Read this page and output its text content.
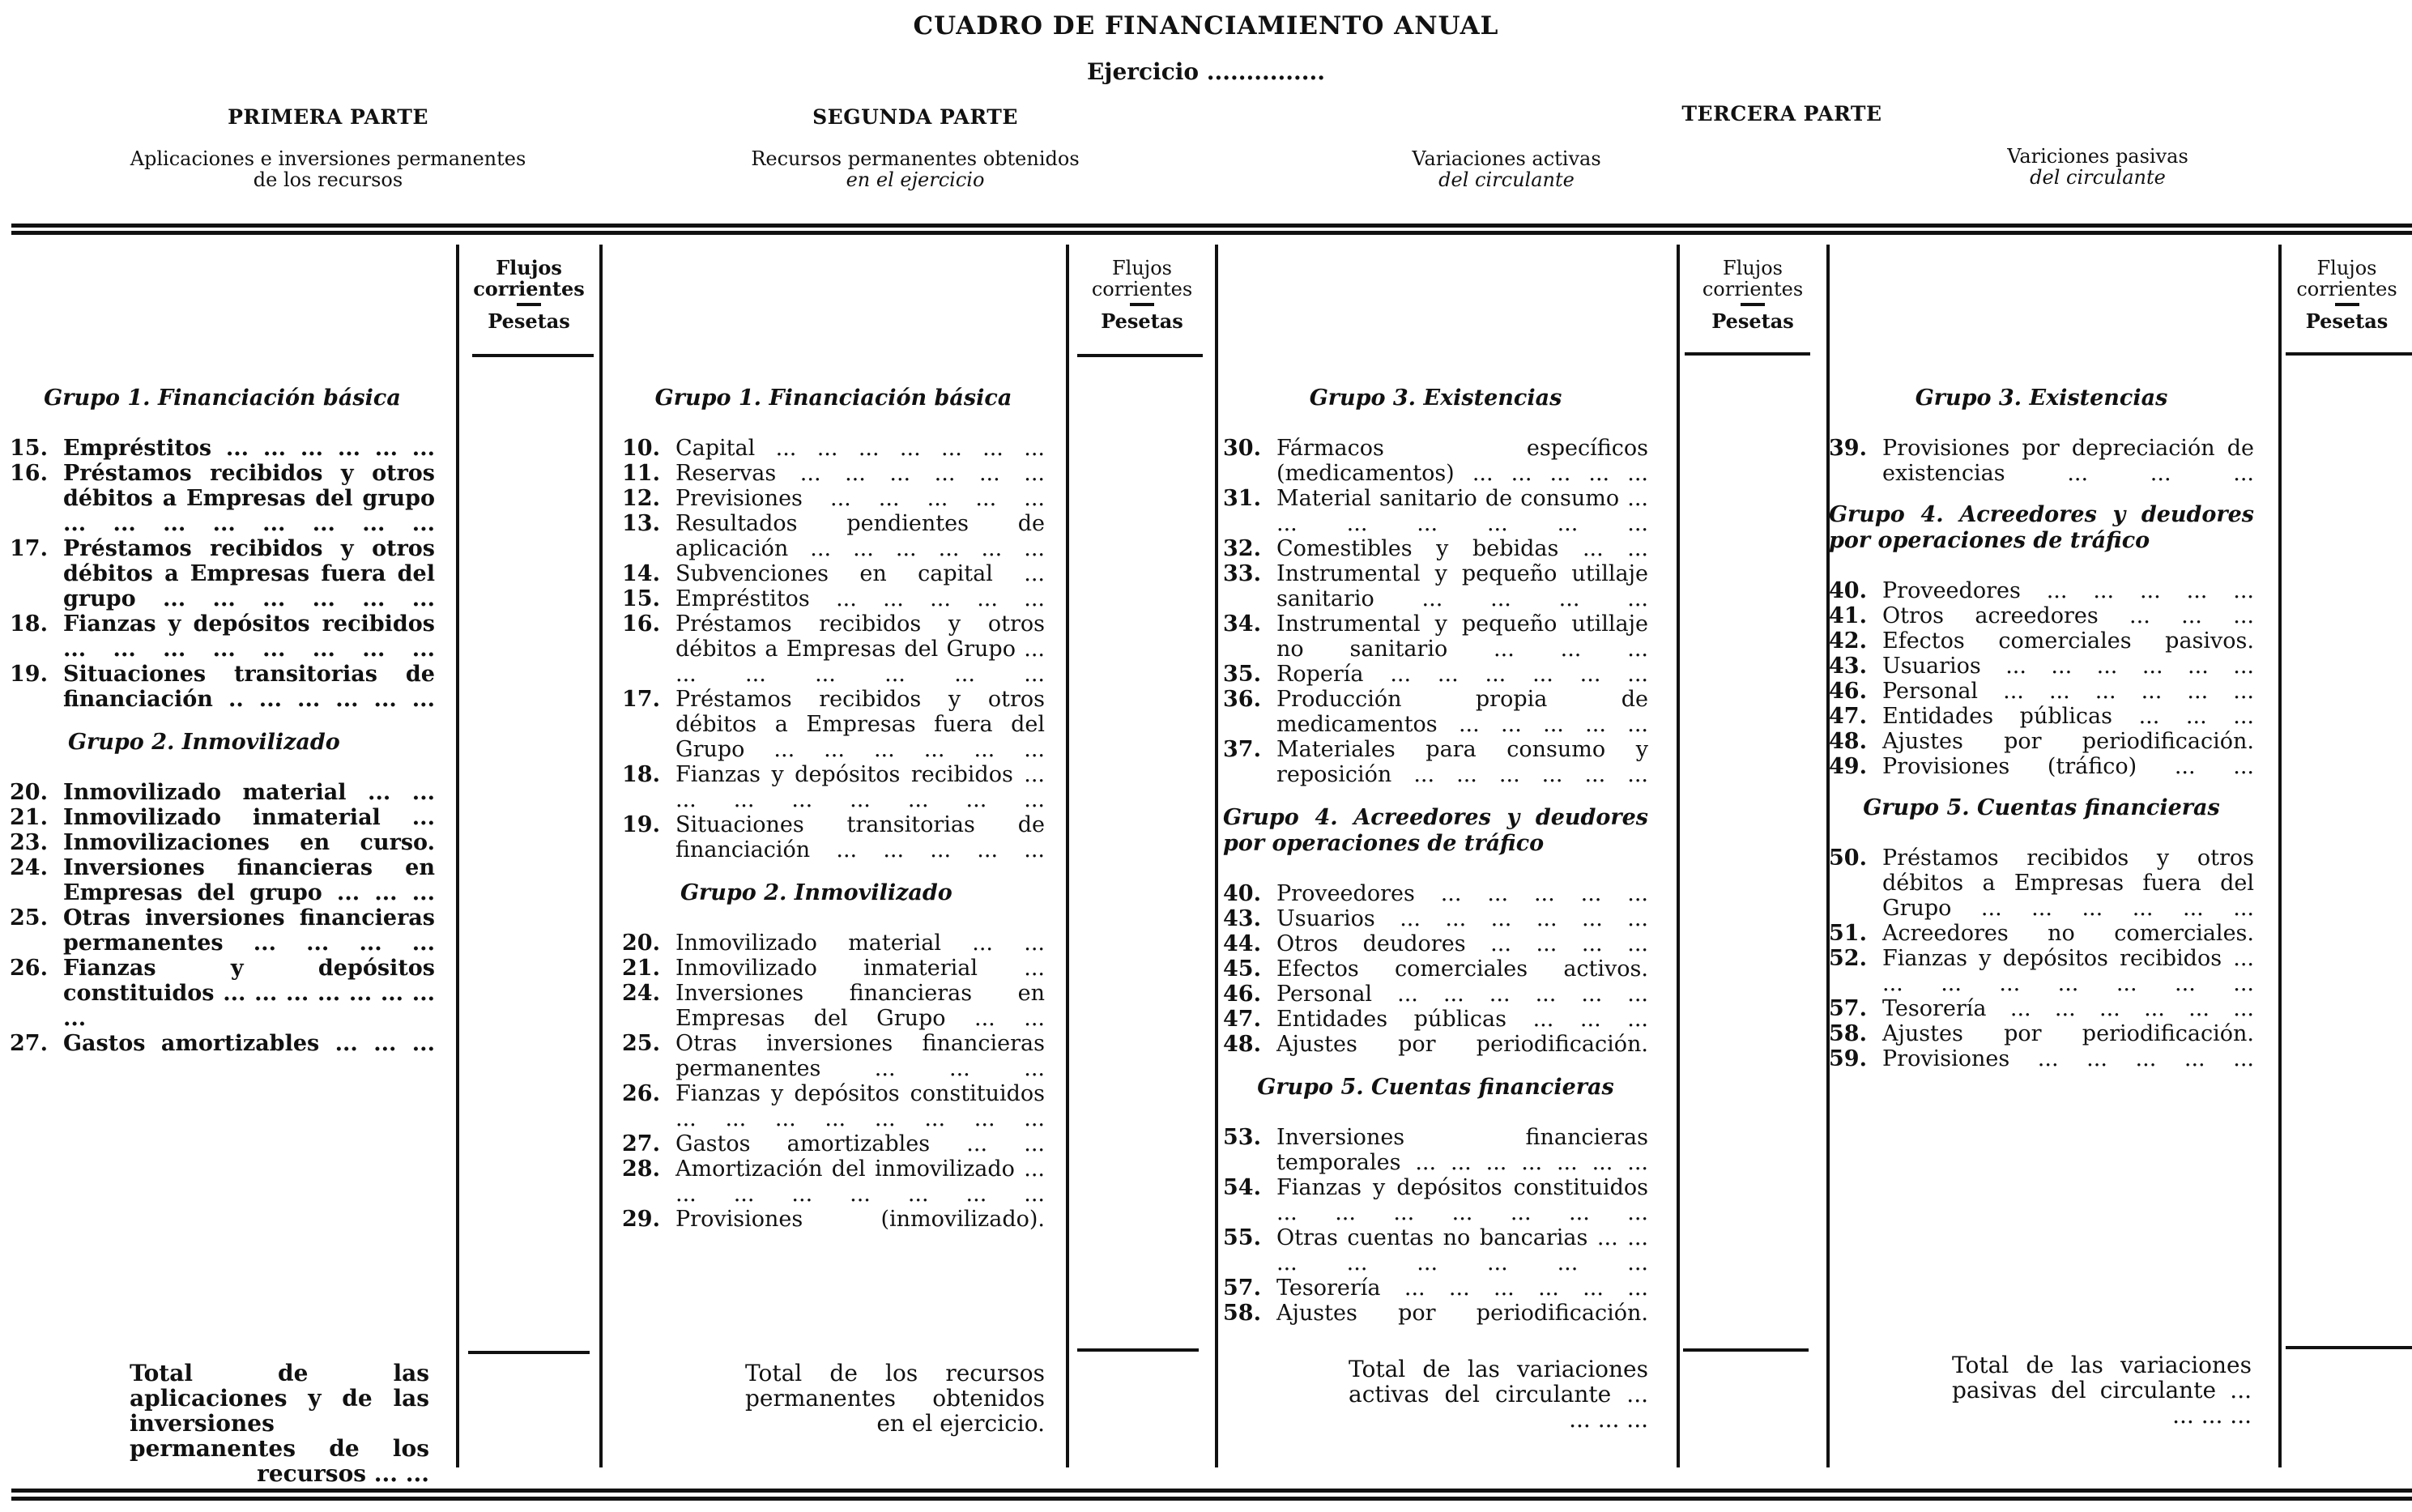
CUADRO DE FINANCIAMIENTO ANUAL
Ejercicio ...............
PRIMERA PARTE
Aplicaciones e inversiones permanentes
de los recursos
SEGUNDA PARTE
Recursos permanentes obtenidos
en el ejercicio
TERCERA PARTE
Variaciones activas
del circulante
Variciones pasivas
del circulante
Flujos
corrientes
Pesetas
Flujos
corrientes
Pesetas
Flujos
corrientes
Pesetas
Flujos
corrientes
Pesetas
Grupo 1. Financiación básica
15. Empréstitos ... ... ... ... ... ...
16. Préstamos recibidos y otros débitos a Empresas del grupo ... ... ... ... ... ... ... ...
17. Préstamos recibidos y otros débitos a Empresas fuera del grupo ... ... ... ... ... ...
18. Fianzas y depósitos recibidos ... ... ... ... ... ... ... ...
19. Situaciones transitorias de financiación .. ... ... ... ... ...
Grupo 2. Inmovilizado
20. Inmovilizado material ... ...
21. Inmovilizado inmaterial ...
23. Inmovilizaciones en curso.
24. Inversiones financieras en Empresas del grupo ... ... ...
25. Otras inversiones financieras permanentes ... ... ... ...
26. Fianzas y depósitos constituidos ... ... ... ... ... ... ... ...
27. Gastos amortizables ... ... ...
Total de las aplicaciones y de las inversiones permanentes de los recursos ... ...
Grupo 1. Financiación básica
10. Capital ... ... ... ... ... ... ...
11. Reservas ... ... ... ... ... ...
12. Previsiones ... ... ... ... ...
13. Resultados pendientes de aplicación ... ... ... ... ... ...
14. Subvenciones en capital ...
15. Empréstitos ... ... ... ... ...
16. Préstamos recibidos y otros débitos a Empresas del Grupo ... ... ... ... ... ... ...
17. Préstamos recibidos y otros débitos a Empresas fuera del Grupo ... ... ... ... ... ...
18. Fianzas y depósitos recibidos ... ... ... ... ... ... ... ...
19. Situaciones transitorias de financiación ... ... ... ... ...
Grupo 2. Inmovilizado
20. Inmovilizado material ... ...
21. Inmovilizado inmaterial ...
24. Inversiones financieras en Empresas del Grupo ... ...
25. Otras inversiones financieras permanentes ... ... ...
26. Fianzas y depósitos constituidos ... ... ... ... ... ... ... ...
27. Gastos amortizables ... ...
28. Amortización del inmovilizado ... ... ... ... ... ... ... ...
29. Provisiones (inmovilizado).
Total de los recursos permanentes obtenidos en el ejercicio.
Grupo 3. Existencias
30. Fármacos específicos (medicamentos) ... ... ... ... ...
31. Material sanitario de consumo ... ... ... ... ... ... ...
32. Comestibles y bebidas ... ...
33. Instrumental y pequeño utillaje sanitario ... ... ... ...
34. Instrumental y pequeño utillaje no sanitario ... ... ...
35. Ropería ... ... ... ... ... ...
36. Producción propia de medicamentos ... ... ... ... ...
37. Materiales para consumo y reposición ... ... ... ... ... ...
Grupo 4. Acreedores y deudores por operaciones de tráfico
40. Proveedores ... ... ... ... ...
43. Usuarios ... ... ... ... ... ...
44. Otros deudores ... ... ... ...
45. Efectos comerciales activos.
46. Personal ... ... ... ... ... ...
47. Entidades públicas ... ... ...
48. Ajustes por periodificación.
Grupo 5. Cuentas financieras
53. Inversiones financieras temporales ... ... ... ... ... ... ...
54. Fianzas y depósitos constituidos ... ... ... ... ... ... ...
55. Otras cuentas no bancarias ... ... ... ... ... ... ... ...
57. Tesorería ... ... ... ... ... ...
58. Ajustes por periodificación.
Total de las variaciones activas del circulante ... ... ... ...
Grupo 3. Existencias
39. Provisiones por depreciación de existencias ... ... ...
Grupo 4. Acreedores y deudores por operaciones de tráfico
40. Proveedores ... ... ... ... ...
41. Otros acreedores ... ... ...
42. Efectos comerciales pasivos.
43. Usuarios ... ... ... ... ... ...
46. Personal ... ... ... ... ... ...
47. Entidades públicas ... ... ...
48. Ajustes por periodificación.
49. Provisiones (tráfico) ... ...
Grupo 5. Cuentas financieras
50. Préstamos recibidos y otros débitos a Empresas fuera del Grupo ... ... ... ... ... ...
51. Acreedores no comerciales.
52. Fianzas y depósitos recibidos ... ... ... ... ... ... ... ...
57. Tesorería ... ... ... ... ... ...
58. Ajustes por periodificación.
59. Provisiones ... ... ... ... ...
Total de las variaciones pasivas del circulante ... ... ... ...
